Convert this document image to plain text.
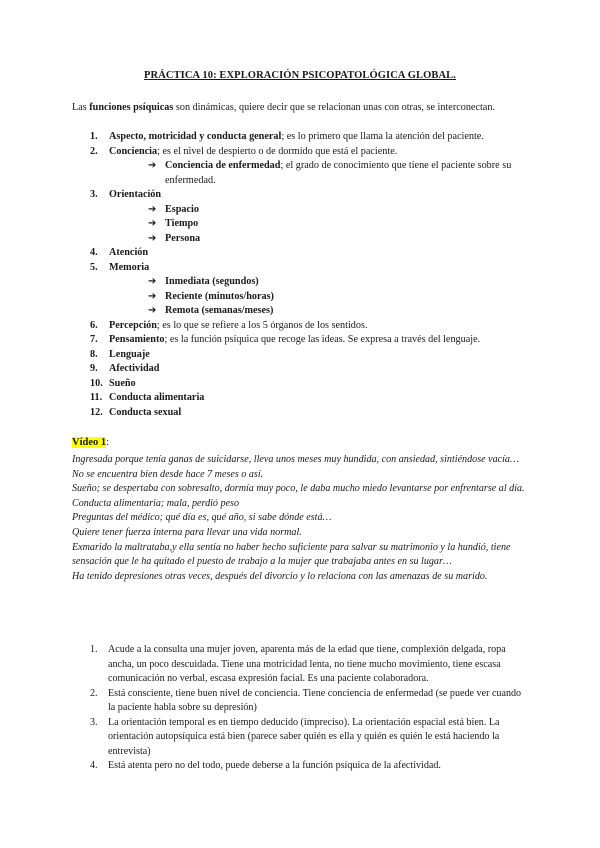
PRÁCTICA 10: EXPLORACIÓN PSICOPATOLÓGICA GLOBAL.
Las funciones psíquicas son dinámicas, quiere decir que se relacionan unas con otras, se interconectan.
1. Aspecto, motricidad y conducta general; es lo primero que llama la atención del paciente.
2. Conciencia; es el nivel de despierto o de dormido que está el paciente.
➔ Conciencia de enfermedad; el grado de conocimiento que tiene el paciente sobre su enfermedad.
3. Orientación
➔ Espacio
➔ Tiempo
➔ Persona
4. Atención
5. Memoria
➔ Inmediata (segundos)
➔ Reciente (minutos/horas)
➔ Remota (semanas/meses)
6. Percepción; es lo que se refiere a los 5 órganos de los sentidos.
7. Pensamiento; es la función psíquica que recoge las ideas. Se expresa a través del lenguaje.
8. Lenguaje
9. Afectividad
10. Sueño
11. Conducta alimentaria
12. Conducta sexual
Vídeo 1:

Ingresada porque tenía ganas de suicidarse, lleva unos meses muy hundida, con ansiedad, sintiéndose vacía… No se encuentra bien desde hace 7 meses o así.

Sueño; se despertaba con sobresalto, dormía muy poco, le daba mucho miedo levantarse por enfrentarse al día.

Conducta alimentaria; mala, perdió peso

Preguntas del médico; qué día es, qué año, si sabe dónde está…

Quiere tener fuerza interna para llevar una vida normal.

Exmarido la maltrataba,y ella sentía no haber hecho suficiente para salvar su matrimonio y la hundió, tiene sensación que le ha quitado el puesto de trabajo a la mujer que trabajaba antes en su lugar…

Ha tenido depresiones otras veces, después del divorcio y lo relaciona con las amenazas de su marido.

1. Acude a la consulta una mujer joven, aparenta más de la edad que tiene, complexión delgada, ropa ancha, un poco descuidada. Tiene una motricidad lenta, no tiene mucho movimiento, tiene escasa comunicación no verbal, escasa expresión facial. Es una paciente colaboradora.
2. Está consciente, tiene buen nivel de conciencia. Tiene conciencia de enfermedad (se puede ver cuando la paciente habla sobre su depresión)
3. La orientación temporal es en tiempo deducido (impreciso). La orientación espacial está bien. La orientación autopsíquica está bien (parece saber quién es ella y quién es quién le está haciendo la entrevista)
4. Está atenta pero no del todo, puede deberse a la función psíquica de la afectividad.
